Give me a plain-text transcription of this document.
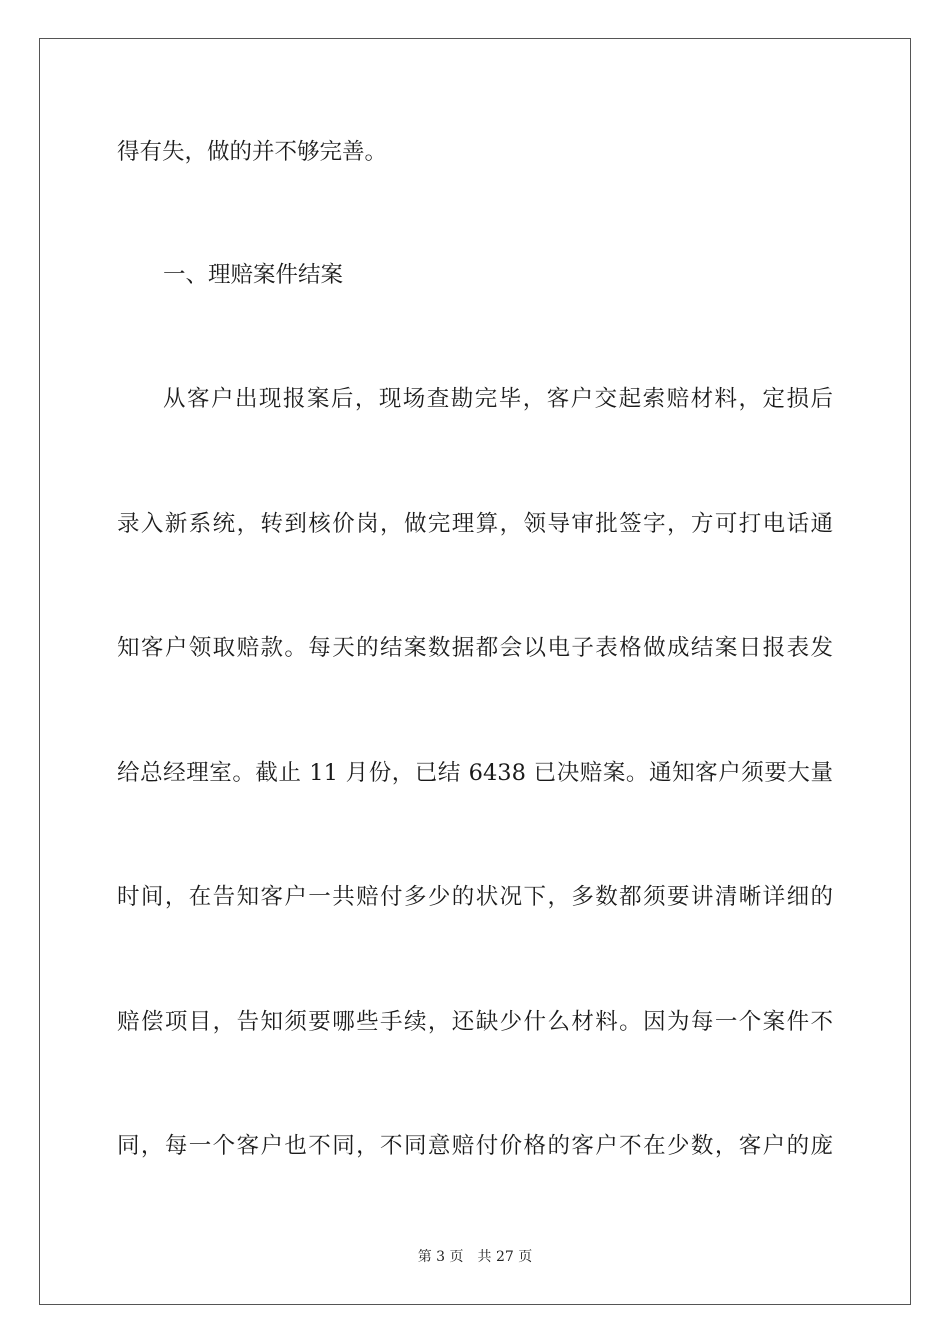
得有失，做的并不够完善。
一、理赔案件结案
从客户出现报案后，现场查勘完毕，客户交起索赔材料，定损后
录入新系统，转到核价岗，做完理算，领导审批签字，方可打电话通
知客户领取赔款。每天的结案数据都会以电子表格做成结案日报表发
给总经理室。截止 11 月份，已结 6438 已决赔案。通知客户须要大量
时间，在告知客户一共赔付多少的状况下，多数都须要讲清晰详细的
赔偿项目，告知须要哪些手续，还缺少什么材料。因为每一个案件不
同，每一个客户也不同，不同意赔付价格的客户不在少数，客户的庞
第 3 页 共 27 页
